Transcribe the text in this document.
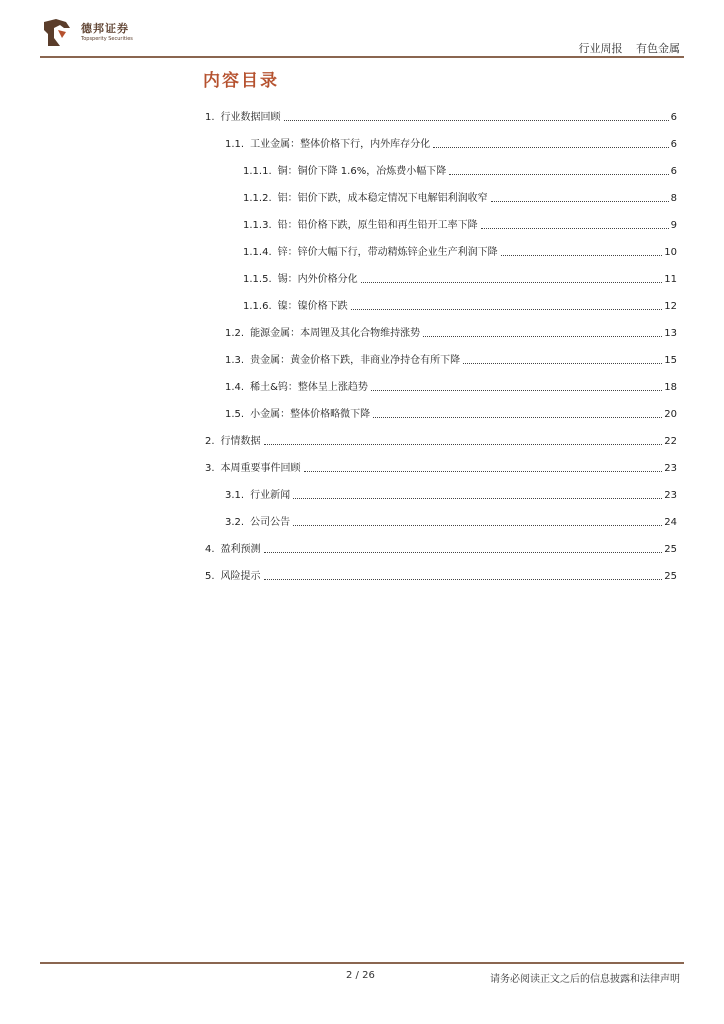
德邦证券
Topsperity Securities
行业周报 有色金属
内容目录
1. 行业数据回顾	6
1.1. 工业金属：整体价格下行，内外库存分化	6
1.1.1. 铜：铜价下降 1.6%，冶炼费小幅下降	6
1.1.2. 铝：铝价下跌，成本稳定情况下电解铝利润收窄	8
1.1.3. 铅：铅价格下跌，原生铅和再生铅开工率下降	9
1.1.4. 锌：锌价大幅下行，带动精炼锌企业生产利润下降	10
1.1.5. 锡：内外价格分化	11
1.1.6. 镍：镍价格下跌	12
1.2. 能源金属：本周锂及其化合物维持涨势	13
1.3. 贵金属：黄金价格下跌，非商业净持仓有所下降	15
1.4. 稀土&钨：整体呈上涨趋势	18
1.5. 小金属：整体价格略微下降	20
2. 行情数据	22
3. 本周重要事件回顾	23
3.1. 行业新闻	23
3.2. 公司公告	24
4. 盈利预测	25
5. 风险提示	25
2 / 26	请务必阅读正文之后的信息披露和法律声明
